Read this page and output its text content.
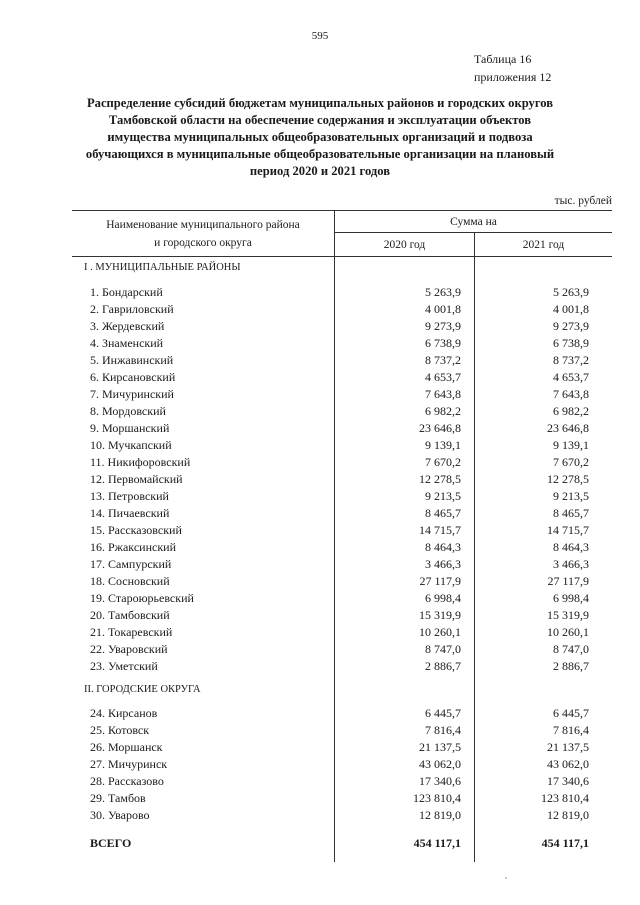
595
Таблица 16
приложения 12
Распределение субсидий бюджетам муниципальных районов и городских округов
Тамбовской области на обеспечение содержания и эксплуатации объектов
имущества муниципальных общеобразовательных организаций и подвоза
обучающихся в муниципальные общеобразовательные организации на плановый
период 2020 и 2021 годов
тыс. рублей
Наименование муниципального района
и городского округа
Сумма на
2020 год	2021 год
I . МУНИЦИПАЛЬНЫЕ РАЙОНЫ
1. Бондарский	5 263,9	5 263,9
2. Гавриловский	4 001,8	4 001,8
3. Жердевский	9 273,9	9 273,9
4. Знаменский	6 738,9	6 738,9
5. Инжавинский	8 737,2	8 737,2
6. Кирсановский	4 653,7	4 653,7
7. Мичуринский	7 643,8	7 643,8
8. Мордовский	6 982,2	6 982,2
9. Моршанский	23 646,8	23 646,8
10. Мучкапский	9 139,1	9 139,1
11. Никифоровский	7 670,2	7 670,2
12. Первомайский	12 278,5	12 278,5
13. Петровский	9 213,5	9 213,5
14. Пичаевский	8 465,7	8 465,7
15. Рассказовский	14 715,7	14 715,7
16. Ржаксинский	8 464,3	8 464,3
17. Сампурский	3 466,3	3 466,3
18. Сосновский	27 117,9	27 117,9
19. Староюрьевский	6 998,4	6 998,4
20. Тамбовский	15 319,9	15 319,9
21. Токаревский	10 260,1	10 260,1
22. Уваровский	8 747,0	8 747,0
23. Уметский	2 886,7	2 886,7
II. ГОРОДСКИЕ ОКРУГА
24. Кирсанов	6 445,7	6 445,7
25. Котовск	7 816,4	7 816,4
26. Моршанск	21 137,5	21 137,5
27. Мичуринск	43 062,0	43 062,0
28. Рассказово	17 340,6	17 340,6
29. Тамбов	123 810,4	123 810,4
30. Уварово	12 819,0	12 819,0
ВСЕГО	454 117,1	454 117,1
